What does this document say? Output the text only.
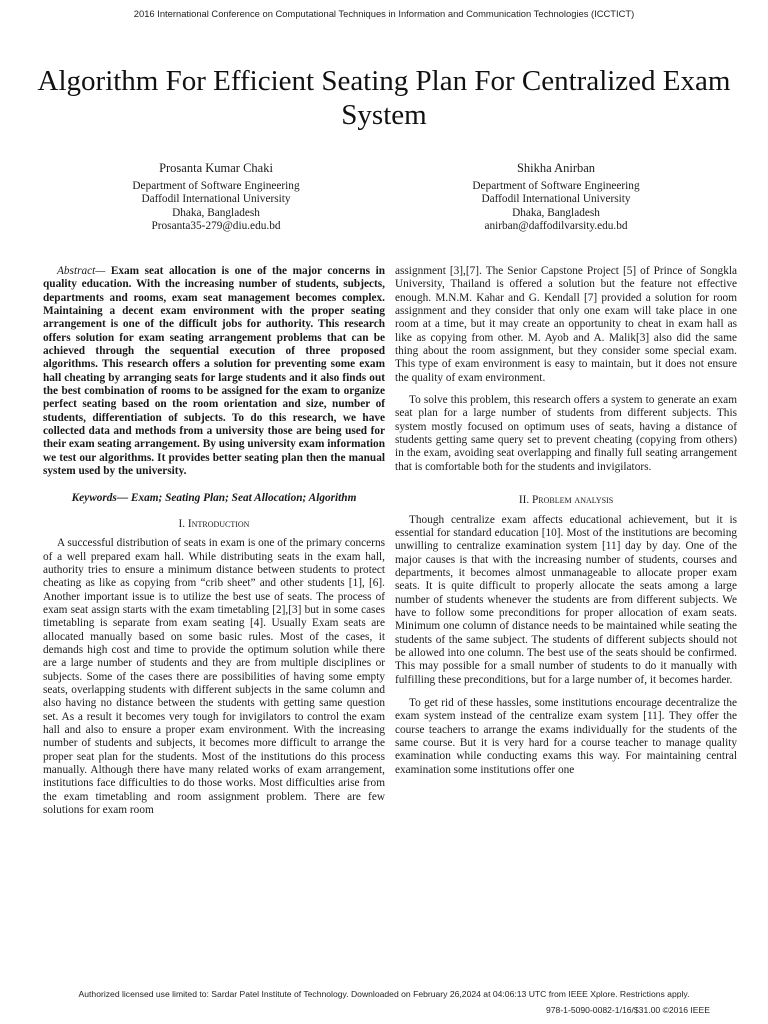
2016 International Conference on Computational Techniques in Information and Communication Technologies (ICCTICT)
Algorithm For Efficient Seating Plan For Centralized Exam System
Prosanta Kumar Chaki
Department of Software Engineering
Daffodil International University
Dhaka, Bangladesh
Prosanta35-279@diu.edu.bd
Shikha Anirban
Department of Software Engineering
Daffodil International University
Dhaka, Bangladesh
anirban@daffodilvarsity.edu.bd

Abstract— Exam seat allocation is one of the major concerns in quality education. With the increasing number of students, subjects, departments and rooms, exam seat management becomes complex. Maintaining a decent exam environment with the proper seating arrangement is one of the difficult jobs for authority. This research offers solution for exam seating arrangement problems that can be achieved through the sequential execution of three proposed algorithms. This research offers a solution for preventing some exam hall cheating by arranging seats for large students and it also finds out the best combination of rooms to be assigned for the exam to organize perfect seating based on the room orientation and size, number of students, differentiation of subjects. To do this research, we have collected data and methods from a university those are being used for their exam seating arrangement. By using university exam information we test our algorithms. It provides better seating plan then the manual system used by the university.

Keywords— Exam; Seating Plan; Seat Allocation; Algorithm
I. Introduction

A successful distribution of seats in exam is one of the primary concerns of a well prepared exam hall. While distributing seats in the exam hall, authority tries to ensure a minimum distance between students to protect cheating as like as copying from “crib sheet” and other students [1], [6]. Another important issue is to utilize the best use of seats. The process of exam seat assign starts with the exam timetabling [2],[3] but in some cases timetabling is separate from exam seating [4]. Usually Exam seats are allocated manually based on some basic rules. Most of the cases, it demands high cost and time to provide the optimum solution while there are a large number of students and they are from multiple disciplines or subjects. Some of the cases there are possibilities of having some empty seats, overlapping students with different subjects in the same column and also having no distance between the students with getting same question set. As a result it becomes very tough for invigilators to control the exam hall and also to ensure a proper exam environment. With the increasing number of students and subjects, it becomes more difficult to arrange the proper seat plan for the students. Most of the institutions do this process manually. Although there have many related works of exam arrangement, institutions face difficulties to do those works. Most difficulties arise from the exam timetabling and room assignment problem. There are few solutions for exam room

assignment [3],[7]. The Senior Capstone Project [5] of Prince of Songkla University, Thailand is offered a solution but the feature not effective enough. M.N.M. Kahar and G. Kendall [7] provided a solution for room assignment and they consider that only one exam will take place in one room at a time, but it may create an opportunity to cheat in exam hall as like as copying from other. M. Ayob and A. Malik[3] also did the same thing about the room assignment, but they consider some special exam. This type of exam environment is easy to maintain, but it does not ensure the quality of exam environment.

To solve this problem, this research offers a system to generate an exam seat plan for a large number of students from different subjects. This system mostly focused on optimum uses of seats, having a distance of students getting same query set to prevent cheating (copying from others) in the exam, avoiding seat overlapping and finally full seating arrangement that is comfortable both for the students and invigilators.

II. Problem analysis

Though centralize exam affects educational achievement, but it is essential for standard education [10]. Most of the institutions are becoming unwilling to centralize examination system [11] day by day. One of the major causes is that with the increasing number of students, courses and departments, it becomes almost unmanageable to allocate proper exam seats. It is quite difficult to properly allocate the seats among a large number of students whenever the students are from different subjects. We have to follow some preconditions for proper allocation of exam seats. Minimum one column of distance needs to be maintained while seating the students of the same subject. The students of different subjects should not be allowed into one column. The best use of the seats should be confirmed. This may possible for a small number of students to do it manually with fulfilling these preconditions, but for a large number of, it becomes harder.

To get rid of these hassles, some institutions encourage decentralize the exam system instead of the centralize exam system [11]. They offer the course teachers to arrange the exams individually for the students of the same course. But it is very hard for a course teacher to manage quality examination while conducting exams this way. For maintaining central examination some institutions offer one

Authorized licensed use limited to: Sardar Patel Institute of Technology. Downloaded on February 26,2024 at 04:06:13 UTC from IEEE Xplore. Restrictions apply.
978-1-5090-0082-1/16/$31.00 ©2016 IEEE
